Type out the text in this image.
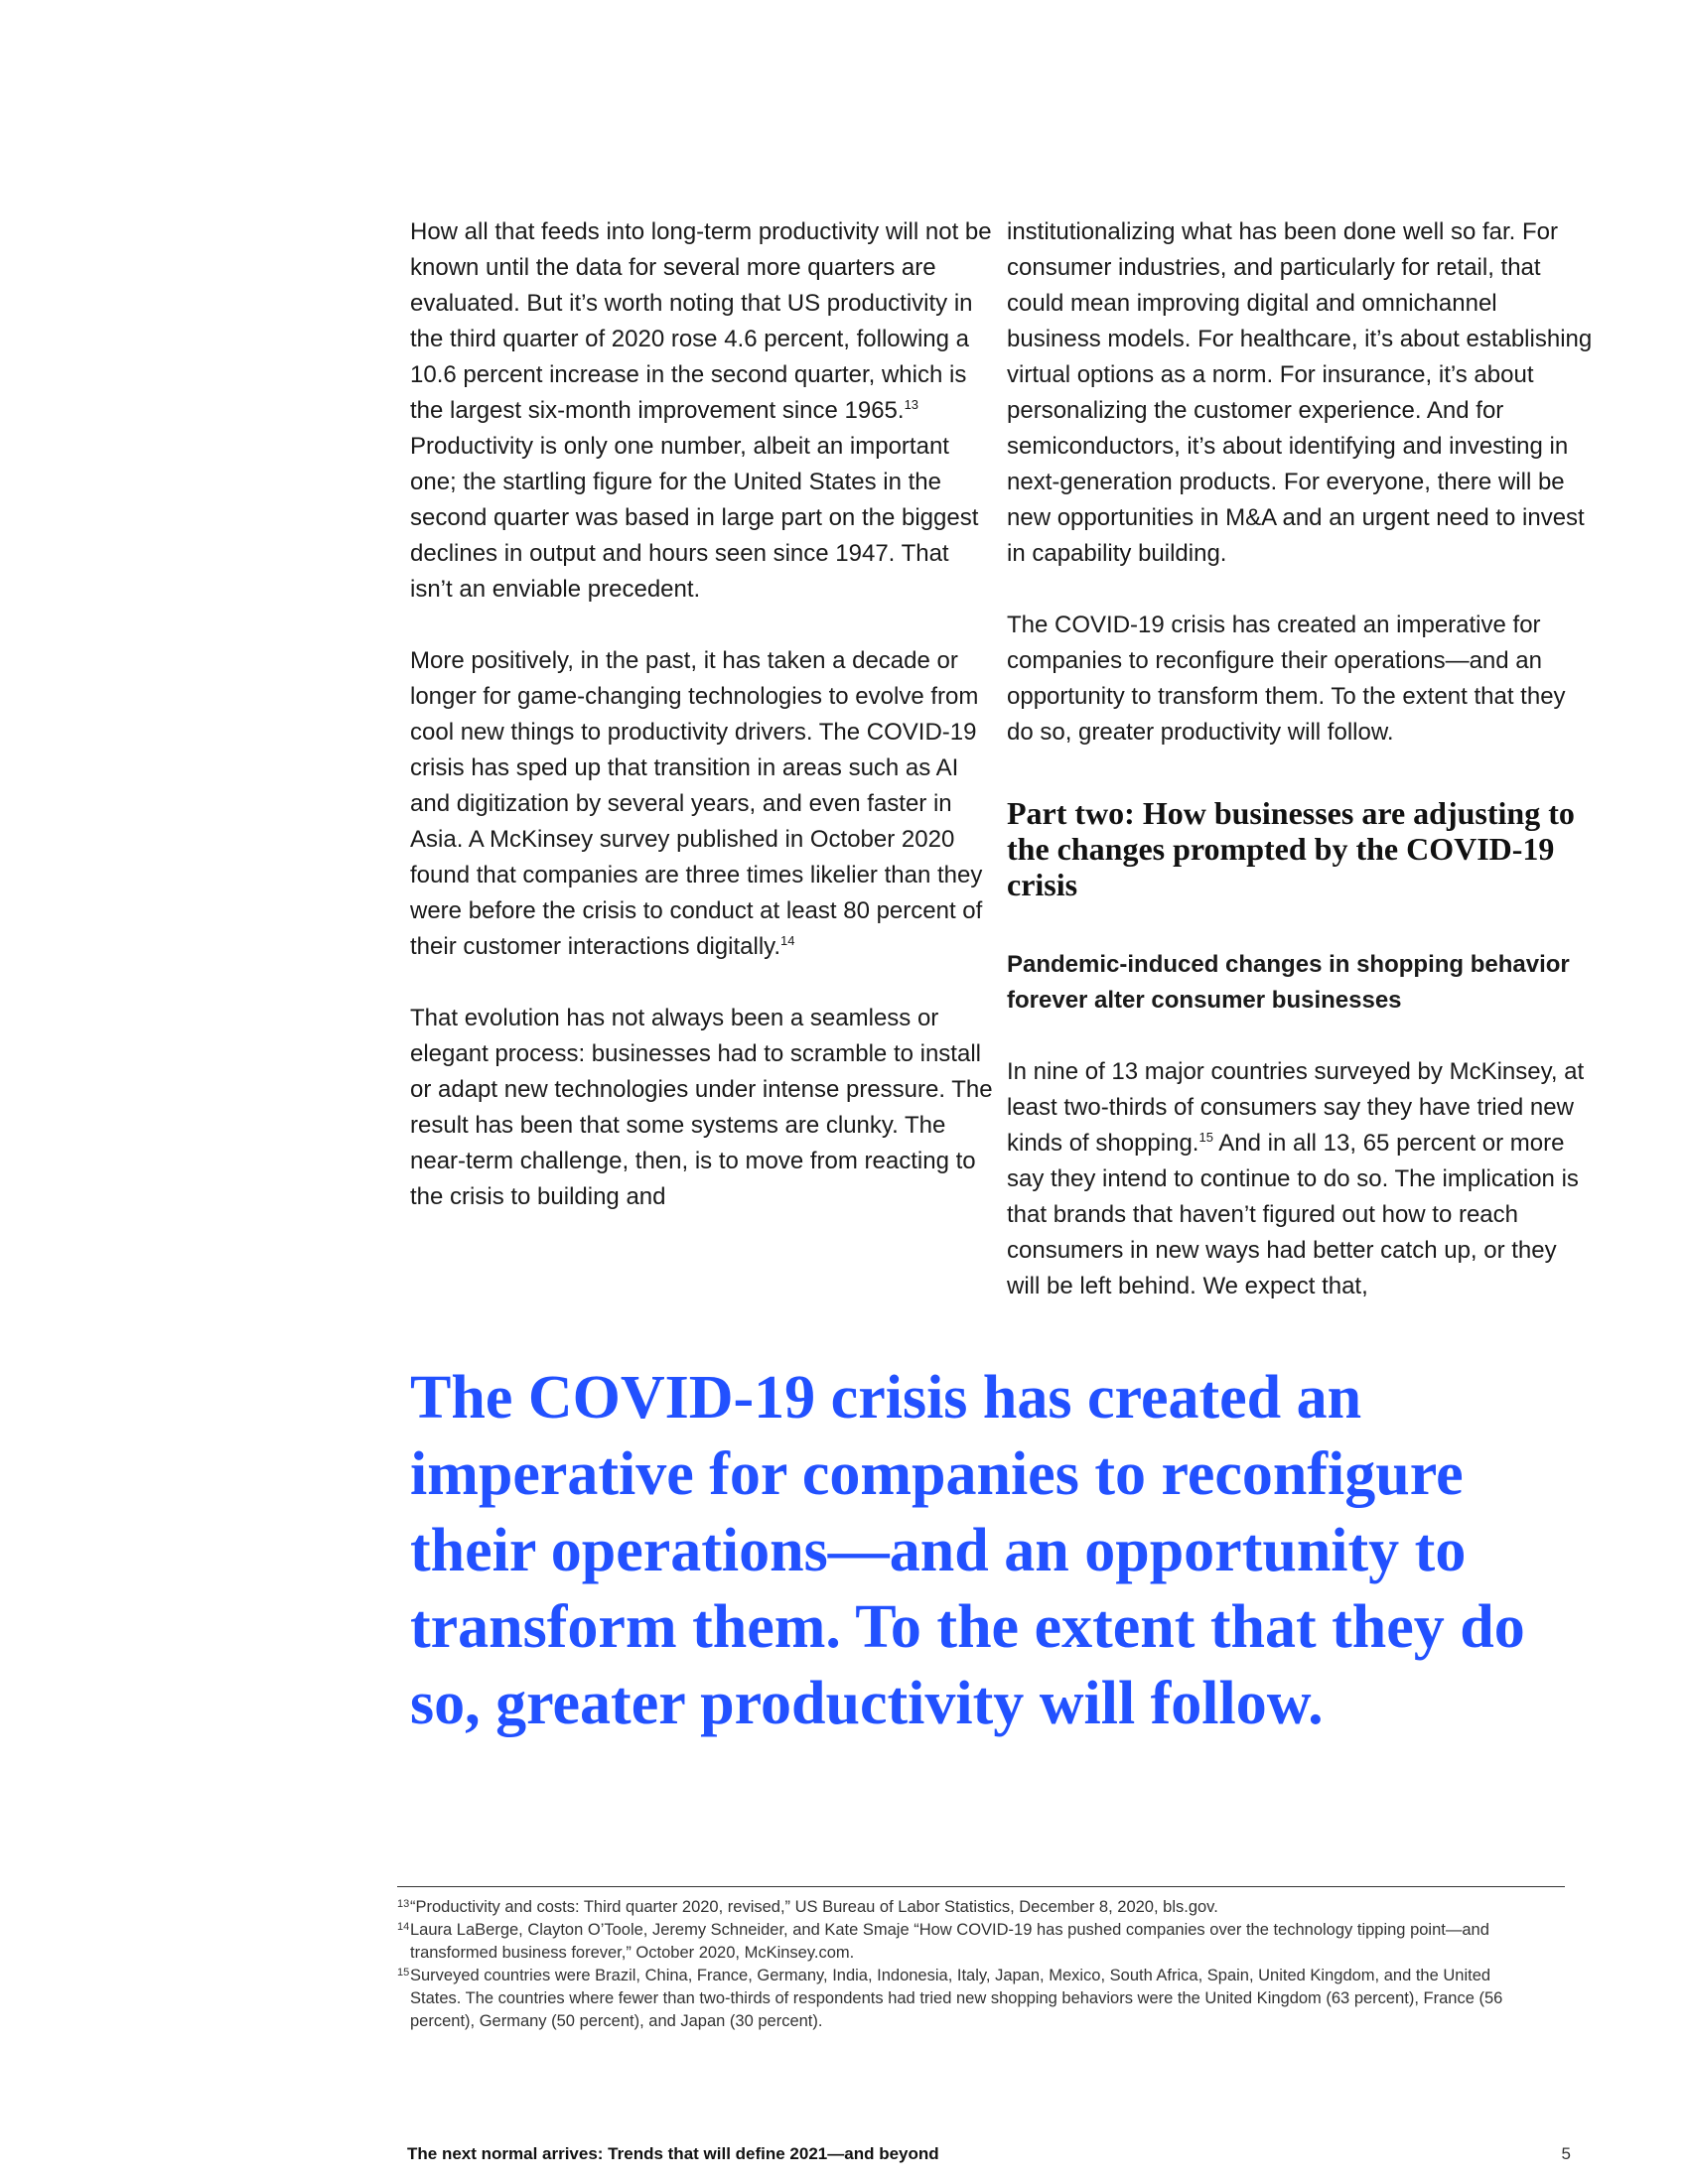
How all that feeds into long-term productivity will not be known until the data for several more quarters are evaluated. But it’s worth noting that US productivity in the third quarter of 2020 rose 4.6 percent, following a 10.6 percent increase in the second quarter, which is the largest six-month improvement since 1965.13 Productivity is only one number, albeit an important one; the startling figure for the United States in the second quarter was based in large part on the biggest declines in output and hours seen since 1947. That isn’t an enviable precedent.

More positively, in the past, it has taken a decade or longer for game-changing technologies to evolve from cool new things to productivity drivers. The COVID-19 crisis has sped up that transition in areas such as AI and digitization by several years, and even faster in Asia. A McKinsey survey published in October 2020 found that companies are three times likelier than they were before the crisis to conduct at least 80 percent of their customer interactions digitally.$^{14}$

That evolution has not always been a seamless or elegant process: businesses had to scramble to install or adapt new technologies under intense pressure. The result has been that some systems are clunky. The near-term challenge, then, is to move from reacting to the crisis to building and

institutionalizing what has been done well so far. For consumer industries, and particularly for retail, that could mean improving digital and omnichannel business models. For healthcare, it’s about establishing virtual options as a norm. For insurance, it’s about personalizing the customer experience. And for semiconductors, it’s about identifying and investing in next-generation products. For everyone, there will be new opportunities in M&A and an urgent need to invest in capability building.

The COVID-19 crisis has created an imperative for companies to reconfigure their operations—and an opportunity to transform them. To the extent that they do so, greater productivity will follow.

Part two: How businesses are adjusting to the changes prompted by the COVID-19 crisis

Pandemic-induced changes in shopping behavior forever alter consumer businesses

In nine of 13 major countries surveyed by McKinsey, at least two-thirds of consumers say they have tried new kinds of shopping.$^{15}$ And in all 13, 65 percent or more say they intend to continue to do so. The implication is that brands that haven’t figured out how to reach consumers in new ways had better catch up, or they will be left behind. We expect that,

The COVID-19 crisis has created an imperative for companies to reconfigure their operations—and an opportunity to transform them. To the extent that they do so, greater productivity will follow.

13 “Productivity and costs: Third quarter 2020, revised,” US Bureau of Labor Statistics, December 8, 2020, bls.gov.
14 Laura LaBerge, Clayton O’Toole, Jeremy Schneider, and Kate Smaje “How COVID-19 has pushed companies over the technology tipping point—and transformed business forever,” October 2020, McKinsey.com.
15 Surveyed countries were Brazil, China, France, Germany, India, Indonesia, Italy, Japan, Mexico, South Africa, Spain, United Kingdom, and the United States. The countries where fewer than two-thirds of respondents had tried new shopping behaviors were the United Kingdom (63 percent), France (56 percent), Germany (50 percent), and Japan (30 percent).
The next normal arrives: Trends that will define 2021—and beyond	5
